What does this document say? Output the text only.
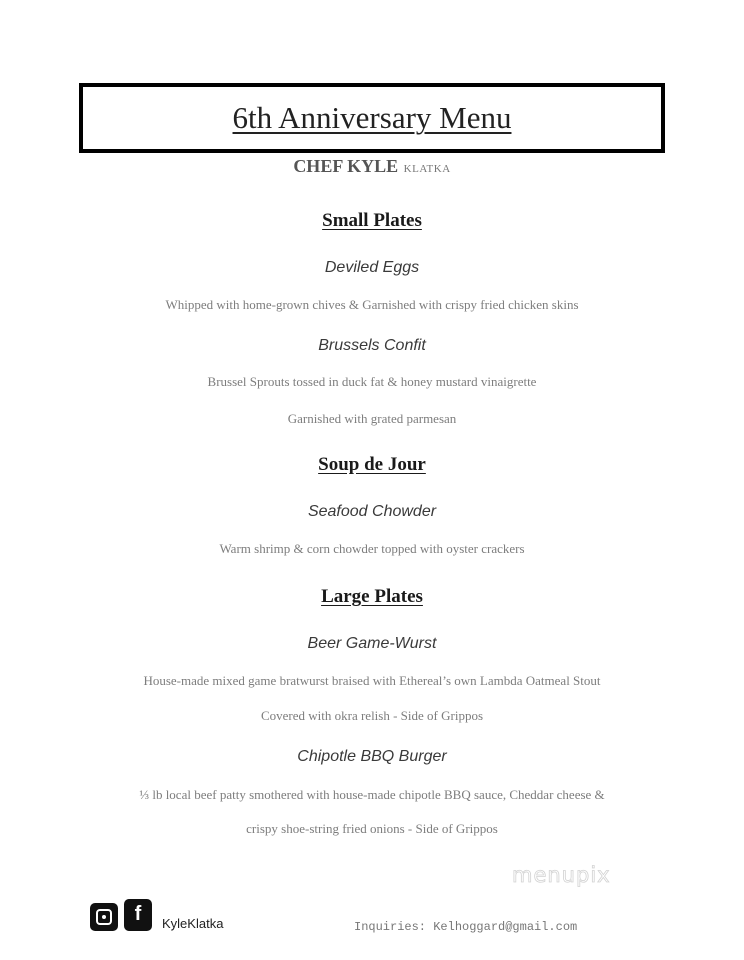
6th Anniversary Menu
CHEF KYLE KLATKA
Small Plates
Deviled Eggs
Whipped with home-grown chives & Garnished with crispy fried chicken skins
Brussels Confit
Brussel Sprouts tossed in duck fat & honey mustard vinaigrette
Garnished with grated parmesan
Soup de Jour
Seafood Chowder
Warm shrimp & corn chowder topped with oyster crackers
Large Plates
Beer Game-Wurst
House-made mixed game bratwurst braised with Ethereal’s own Lambda Oatmeal Stout
Covered with okra relish - Side of Grippos
Chipotle BBQ Burger
⅓ lb local beef patty smothered with house-made chipotle BBQ sauce, Cheddar cheese &
crispy shoe-string fried onions - Side of Grippos
menupix
f	KyleKlatka	Inquiries: Kelhoggard@gmail.com
